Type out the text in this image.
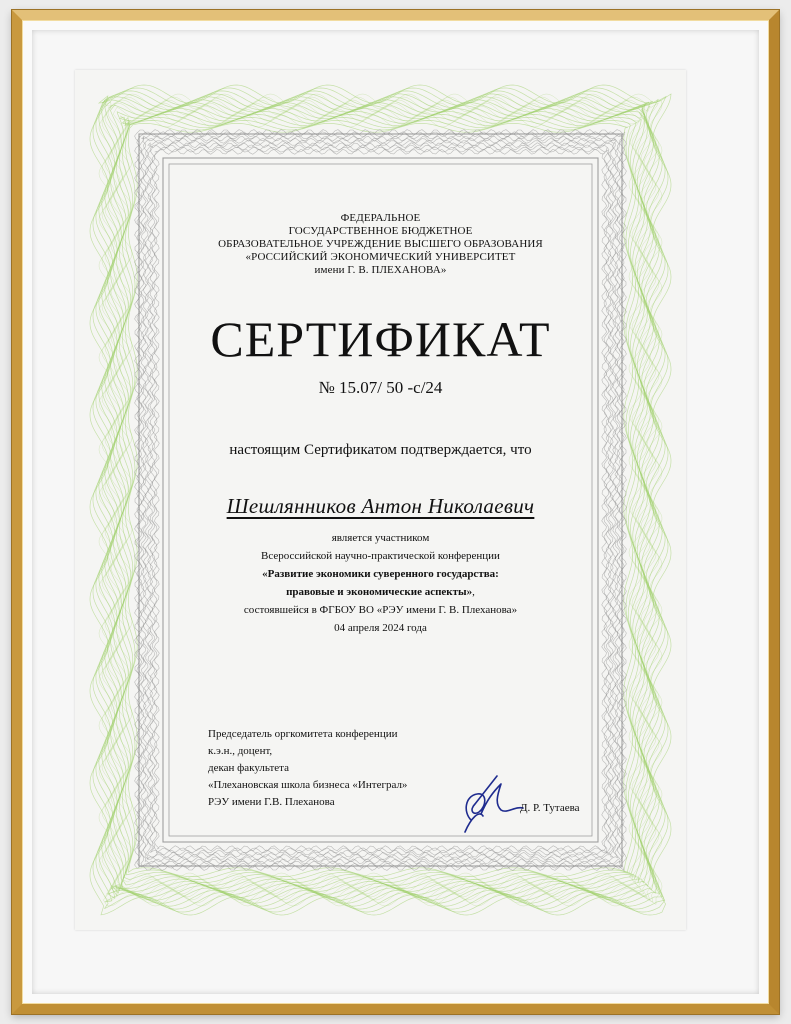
ФЕДЕРАЛЬНОЕ
ГОСУДАРСТВЕННОЕ БЮДЖЕТНОЕ
ОБРАЗОВАТЕЛЬНОЕ УЧРЕЖДЕНИЕ ВЫСШЕГО ОБРАЗОВАНИЯ
«РОССИЙСКИЙ ЭКОНОМИЧЕСКИЙ УНИВЕРСИТЕТ
имени Г. В. ПЛЕХАНОВА»
СЕРТИФИКАТ
№ 15.07/ 50 -с/24
настоящим Сертификатом подтверждается, что
Шешлянников Антон Николаевич
является участником
Всероссийской научно-практической конференции
«Развитие экономики суверенного государства:
правовые и экономические аспекты»,
состоявшейся в ФГБОУ ВО «РЭУ имени Г. В. Плеханова»
04 апреля 2024 года
Председатель оргкомитета конференции
к.э.н., доцент,
декан факультета
«Плехановская школа бизнеса «Интеграл»
РЭУ имени Г.В. Плеханова	Д. Р. Тутаева
